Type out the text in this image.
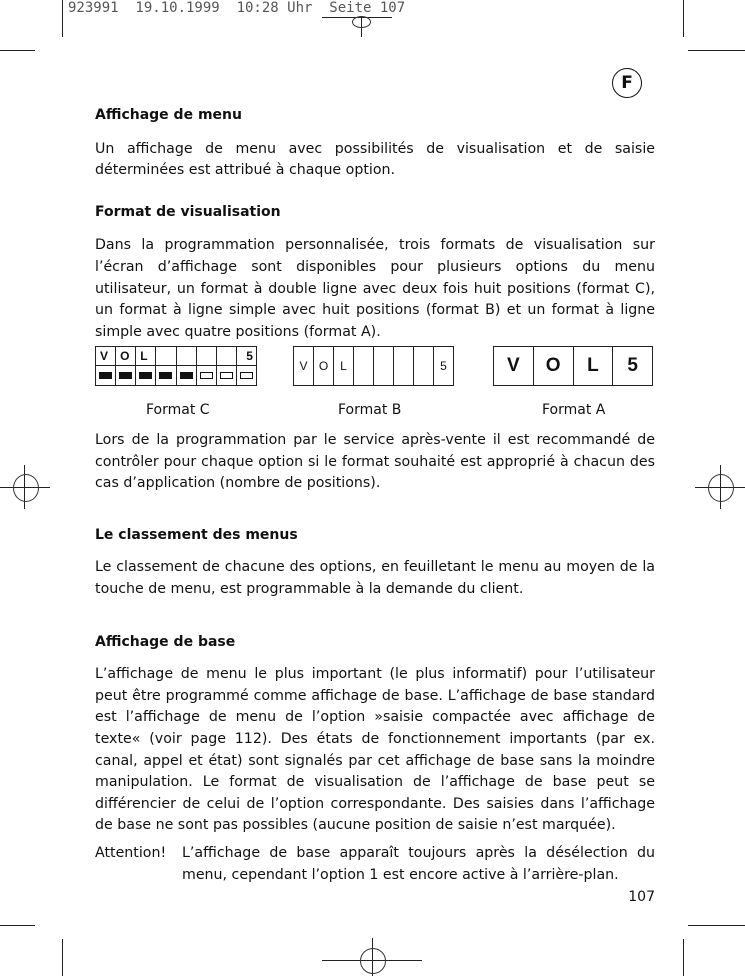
923991  19.10.1999  10:28 Uhr  Seite 107
F
Affichage de menu

Un affichage de menu avec possibilités de visualisation et de saisie déterminées est attribué à chaque option.

Format de visualisation

Dans la programmation personnalisée, trois formats de visualisation sur l’écran d’affichage sont disponibles pour plusieurs options du menu utilisateur, un format à double ligne avec deux fois huit positions (format C), un format à ligne simple avec huit positions (format B) et un format à ligne simple avec quatre positions (format A).

V	O L	5
V O L	5	V	O	L	5
Format C	Format B	Format A

Lors de la programmation par le service après-vente il est recommandé de contrôler pour chaque option si le format souhaité est approprié à chacun des cas d’application (nombre de positions).

Le classement des menus

Le classement de chacune des options, en feuilletant le menu au moyen de la touche de menu, est programmable à la demande du client.

Affichage de base

L’affichage de menu le plus important (le plus informatif) pour l’utilisateur peut être programmé comme affichage de base. L’affichage de base standard est l’affichage de menu de l’option »saisie compactée avec affichage de texte« (voir page 112). Des états de fonctionnement importants (par ex. canal, appel et état) sont signalés par cet affichage de base sans la moindre manipulation. Le format de visualisation de l’affichage de base peut se différencier de celui de l’option correspondante. Des saisies dans l’affichage de base ne sont pas possibles (aucune position de saisie n’est marquée).

Attention!	L’affichage de base apparaît toujours après la désélection du menu, cependant l’option 1 est encore active à l’arrière-plan.

107
